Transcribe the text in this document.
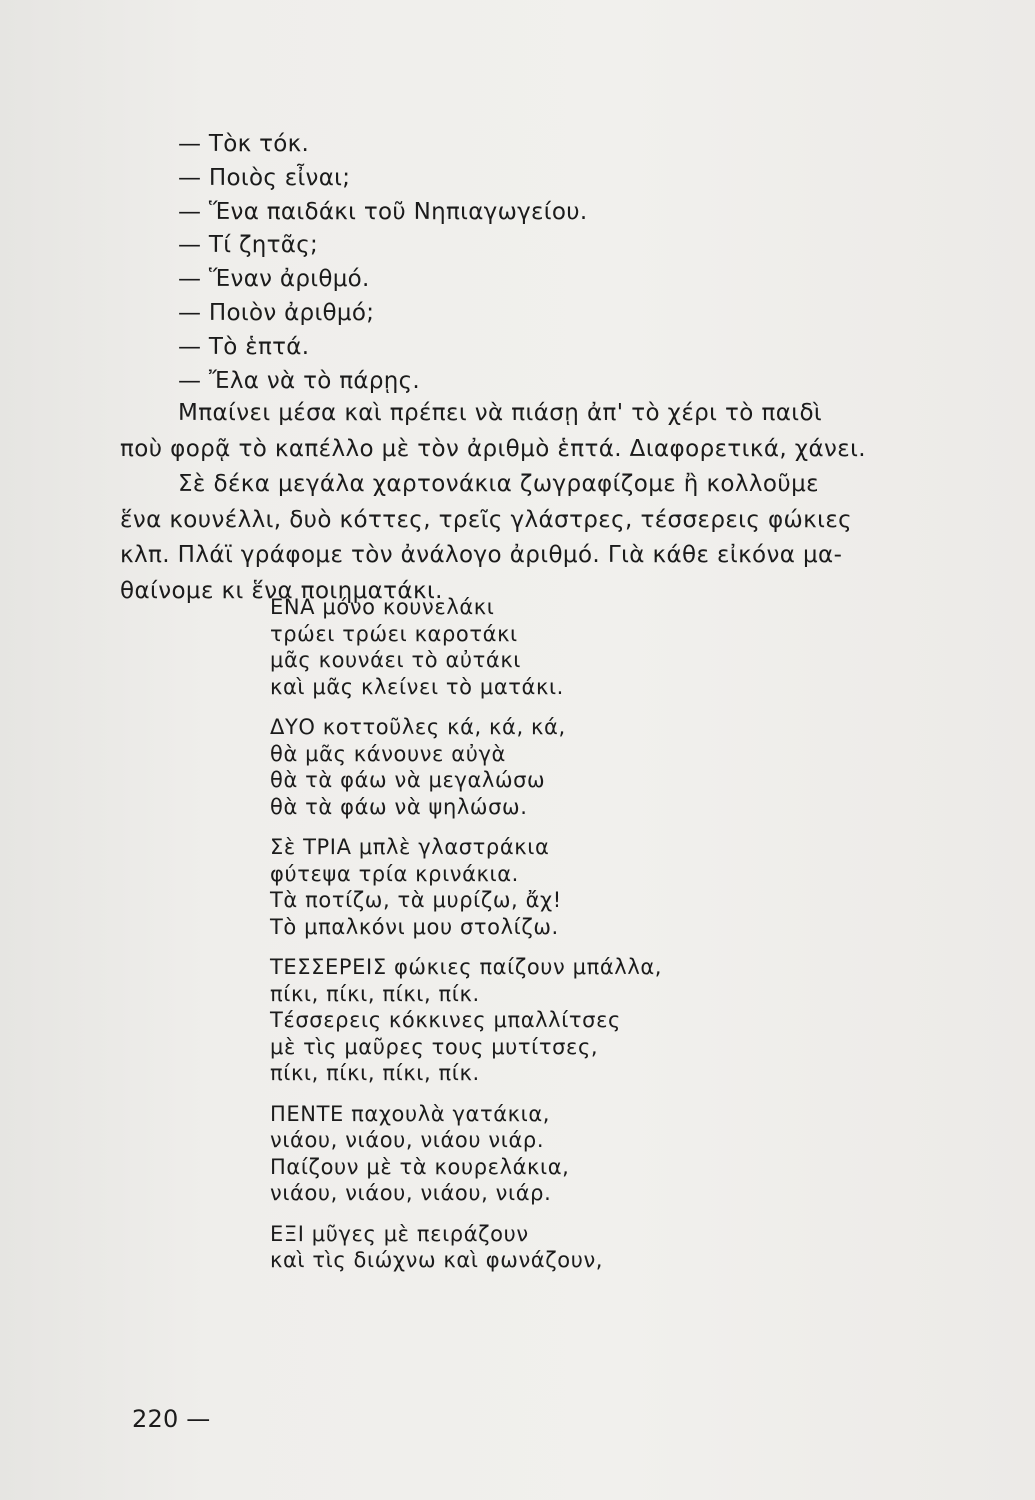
— Τὸκ τόκ.
— Ποιὸς εἶναι;
— Ἕνα παιδάκι τοῦ Νηπιαγωγείου.
— Τί ζητᾶς;
— Ἕναν ἀριθμό.
— Ποιὸν ἀριθμό;
— Τὸ ἑπτά.
— Ἔλα νὰ τὸ πάρῃς.

Μπαίνει μέσα καὶ πρέπει νὰ πιάσῃ ἀπ' τὸ χέρι τὸ παιδὶ
ποὺ φορᾷ τὸ καπέλλο μὲ τὸν ἀριθμὸ ἑπτά. Διαφορετικά, χάνει.

Σὲ δέκα μεγάλα χαρτονάκια ζωγραφίζομε ἢ κολλοῦμε
ἕνα κουνέλλι, δυὸ κόττες, τρεῖς γλάστρες, τέσσερεις φώκιες
κλπ. Πλάϊ γράφομε τὸν ἀνάλογο ἀριθμό. Γιὰ κάθε εἰκόνα μα-
θαίνομε κι ἕνα ποιηματάκι.

ΕΝΑ μόνο κουνελάκι
τρώει τρώει καροτάκι
μᾶς κουνάει τὸ αὐτάκι
καὶ μᾶς κλείνει τὸ ματάκι.
ΔΥΟ κοττοῦλες κά, κά, κά,
θὰ μᾶς κάνουνε αὐγὰ
θὰ τὰ φάω νὰ μεγαλώσω
θὰ τὰ φάω νὰ ψηλώσω.
Σὲ ΤΡΙΑ μπλὲ γλαστράκια
φύτεψα τρία κρινάκια.
Τὰ ποτίζω, τὰ μυρίζω, ἄχ!
Τὸ μπαλκόνι μου στολίζω.
ΤΕΣΣΕΡΕΙΣ φώκιες παίζουν μπάλλα,
πίκι, πίκι, πίκι, πίκ.
Τέσσερεις κόκκινες μπαλλίτσες
μὲ τὶς μαῦρες τους μυτίτσες,
πίκι, πίκι, πίκι, πίκ.
ΠΕΝΤΕ παχουλὰ γατάκια,
νιάου, νιάου, νιάου νιάρ.
Παίζουν μὲ τὰ κουρελάκια,
νιάου, νιάου, νιάου, νιάρ.
ΕΞΙ μῦγες μὲ πειράζουν
καὶ τὶς διώχνω καὶ φωνάζουν,
220 —
